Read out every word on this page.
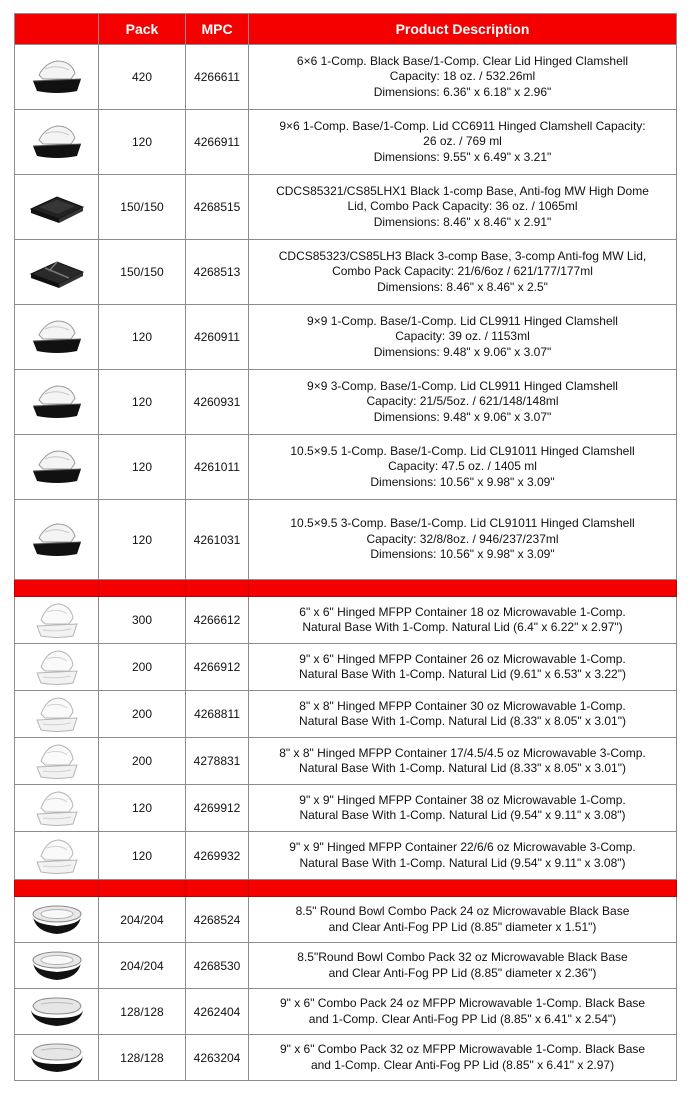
	Pack	MPC	Product Description

	420	4266611	6×6 1-Comp. Black Base/1-Comp. Clear Lid Hinged Clamshell
Capacity: 18 oz. / 532.26ml
Dimensions: 6.36" x 6.18" x 2.96"

	120	4266911	9×6 1-Comp. Base/1-Comp. Lid CC6911 Hinged Clamshell Capacity:
26 oz. / 769 ml
Dimensions: 9.55" x 6.49" x 3.21"

	150/150	4268515	CDCS85321/CS85LHX1 Black 1-comp Base, Anti-fog MW High Dome
Lid, Combo Pack Capacity: 36 oz. / 1065ml
Dimensions: 8.46" x 8.46" x 2.91"

	150/150	4268513	CDCS85323/CS85LH3 Black 3-comp Base, 3-comp Anti-fog MW Lid,
Combo Pack Capacity: 21/6/6oz / 621/177/177ml
Dimensions: 8.46" x 8.46" x 2.5"

	120	4260911	9×9 1-Comp. Base/1-Comp. Lid CL9911 Hinged Clamshell
Capacity: 39 oz. / 1153ml
Dimensions: 9.48" x 9.06" x 3.07"

	120	4260931	9×9 3-Comp. Base/1-Comp. Lid CL9911 Hinged Clamshell
Capacity: 21/5/5oz. / 621/148/148ml
Dimensions: 9.48" x 9.06" x 3.07"

	120	4261011	10.5×9.5 1-Comp. Base/1-Comp. Lid CL91011 Hinged Clamshell
Capacity: 47.5 oz. / 1405 ml
Dimensions: 10.56" x 9.98" x 3.09"

	120	4261031	10.5×9.5 3-Comp. Base/1-Comp. Lid CL91011 Hinged Clamshell
Capacity: 32/8/8oz. / 946/237/237ml
Dimensions: 10.56" x 9.98" x 3.09"

	300	4266612	6" x 6" Hinged MFPP Container 18 oz Microwavable 1-Comp.
Natural Base With 1-Comp. Natural Lid (6.4" x 6.22" x 2.97")

	200	4266912	9" x 6" Hinged MFPP Container 26 oz Microwavable 1-Comp.
Natural Base With 1-Comp. Natural Lid (9.61" x 6.53" x 3.22")

	200	4268811	8" x 8" Hinged MFPP Container 30 oz Microwavable 1-Comp.
Natural Base With 1-Comp. Natural Lid (8.33" x 8.05" x 3.01")

	200	4278831	8" x 8" Hinged MFPP Container 17/4.5/4.5 oz Microwavable 3-Comp.
Natural Base With 1-Comp. Natural Lid (8.33" x 8.05" x 3.01")

	120	4269912	9" x 9" Hinged MFPP Container 38 oz Microwavable 1-Comp.
Natural Base With 1-Comp. Natural Lid (9.54" x 9.11" x 3.08")

	120	4269932	9" x 9" Hinged MFPP Container 22/6/6 oz Microwavable 3-Comp.
Natural Base With 1-Comp. Natural Lid (9.54" x 9.11" x 3.08")

	204/204	4268524	8.5" Round Bowl Combo Pack 24 oz Microwavable Black Base
and Clear Anti-Fog PP Lid (8.85" diameter x 1.51")

	204/204	4268530	8.5"Round Bowl Combo Pack 32 oz Microwavable Black Base
and Clear Anti-Fog PP Lid (8.85" diameter x 2.36")

	128/128	4262404	9" x 6" Combo Pack 24 oz MFPP Microwavable 1-Comp. Black Base
and 1-Comp. Clear Anti-Fog PP Lid (8.85" x 6.41" x 2.54")

	128/128	4263204	9" x 6" Combo Pack 32 oz MFPP Microwavable 1-Comp. Black Base
and 1-Comp. Clear Anti-Fog PP Lid (8.85" x 6.41" x 2.97)
